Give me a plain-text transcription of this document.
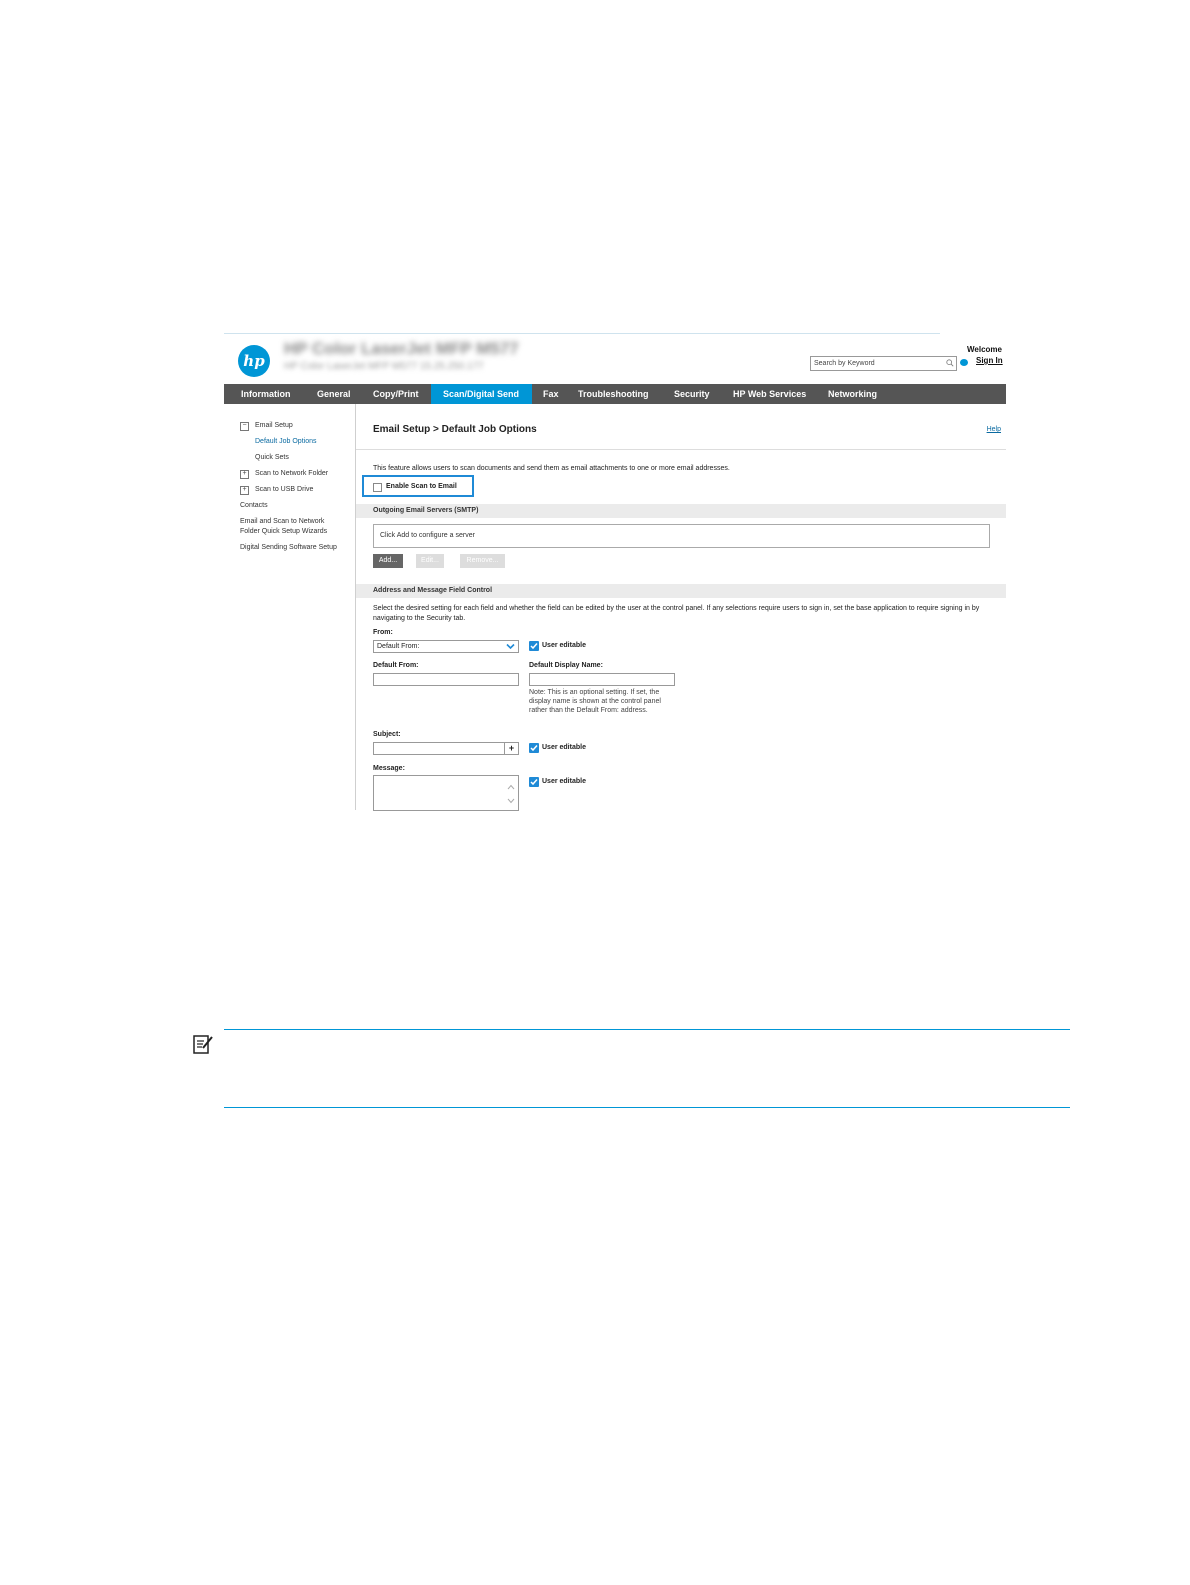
hp
HP Color LaserJet MFP M577
HP Color LaserJet MFP M577 15.25.250.177	Search by Keyword
Welcome
Sign In
Information	General	Copy/Print	Scan/Digital Send	Fax	Troubleshooting	Security	HP Web Services	Networking
−	Email Setup
Default Job Options
Quick Sets
+	Scan to Network Folder
+	Scan to USB Drive
Contacts
Email and Scan to Network
Folder Quick Setup Wizards
Digital Sending Software Setup
Email Setup > Default Job Options	Help
This feature allows users to scan documents and send them as email attachments to one or more email addresses.
Enable Scan to Email
Outgoing Email Servers (SMTP)
Click Add to configure a server
Add...	Edit...	Remove...
Address and Message Field Control
Select the desired setting for each field and whether the field can be edited by the user at the control panel. If any selections require users to sign in, set the base application to require signing in by navigating to the Security tab.
From:
Default From:	User editable
Default From:	Default Display Name:
Note: This is an optional setting. If set, the display name is shown at the control panel rather than the Default From: address.
Subject:
+	User editable
Message:
User editable
